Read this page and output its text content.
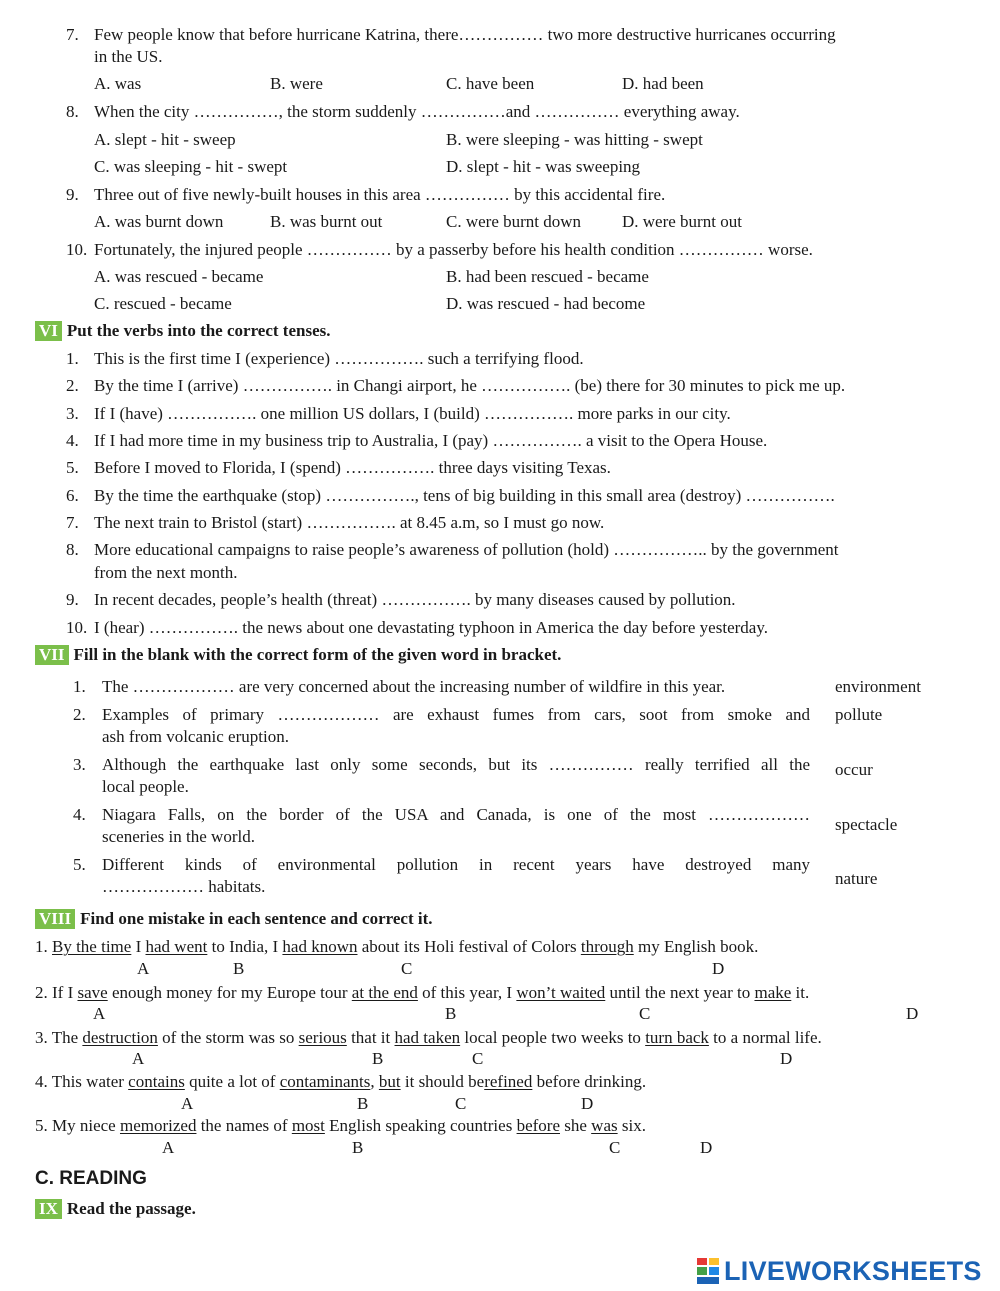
7. Few people know that before hurricane Katrina, there…………… two more destructive hurricanes occurring
in the US.
A. was	B. were	C. have been	D. had been
8. When the city ……………, the storm suddenly ……………and …………… everything away.
A. slept - hit - sweep	B. were sleeping - was hitting - swept
C. was sleeping - hit - swept	D. slept - hit - was sweeping
9. Three out of five newly-built houses in this area …………… by this accidental fire.
A. was burnt down	B. was burnt out	C. were burnt down D. were burnt out
10. Fortunately, the injured people …………… by a passerby before his health condition …………… worse.
A. was rescued - became	B. had been rescued - became
C. rescued - became	D. was rescued - had become
VI Put the verbs into the correct tenses.
1. This is the first time I (experience) ……………. such a terrifying flood.
2. By the time I (arrive) ……………. in Changi airport, he ……………. (be) there for 30 minutes to pick me up.
3. If I (have) ……………. one million US dollars, I (build) ……………. more parks in our city.
4. If I had more time in my business trip to Australia, I (pay) ……………. a visit to the Opera House.
5. Before I moved to Florida, I (spend) ……………. three days visiting Texas.
6. By the time the earthquake (stop) ……………., tens of big building in this small area (destroy) …………….
7. The next train to Bristol (start) ……………. at 8.45 a.m, so I must go now.
8. More educational campaigns to raise people’s awareness of pollution (hold) …………….. by the government
from the next month.
9. In recent decades, people’s health (threat) ……………. by many diseases caused by pollution.
10. I (hear) ……………. the news about one devastating typhoon in America the day before yesterday.
VII Fill in the blank with the correct form of the given word in bracket.
1. The ……………… are very concerned about the increasing number of wildfire in this year.	environment
2. Examples of primary ……………… are exhaust fumes from cars, soot from smoke and
ash from volcanic eruption.
pollute
3. Although the earthquake last only some seconds, but its …………… really terrified all the
local people.
occur
4. Niagara Falls, on the border of the USA and Canada, is one of the most ………………
sceneries in the world.
spectacle
5. Different kinds of environmental pollution in recent years have destroyed many
……………… habitats.	nature
VIII Find one mistake in each sentence and correct it.
1. By the time I had went to India, I had known about its Holi festival of Colors through my English book.
A	B	C	D
2. If I save enough money for my Europe tour at the end of this year, I won’t waited until the next year to make it.
A	B	C	D
3. The destruction of the storm was so serious that it had taken local people two weeks to turn back to a normal life.
A	B	C	D
4. This water contains quite a lot of contaminants, but it should berefined before drinking.
A	B	C	D
5. My niece memorized the names of most English speaking countries before she was six.
A	B	C	D
C. READING
IX Read the passage.
LIVEWORKSHEETS
